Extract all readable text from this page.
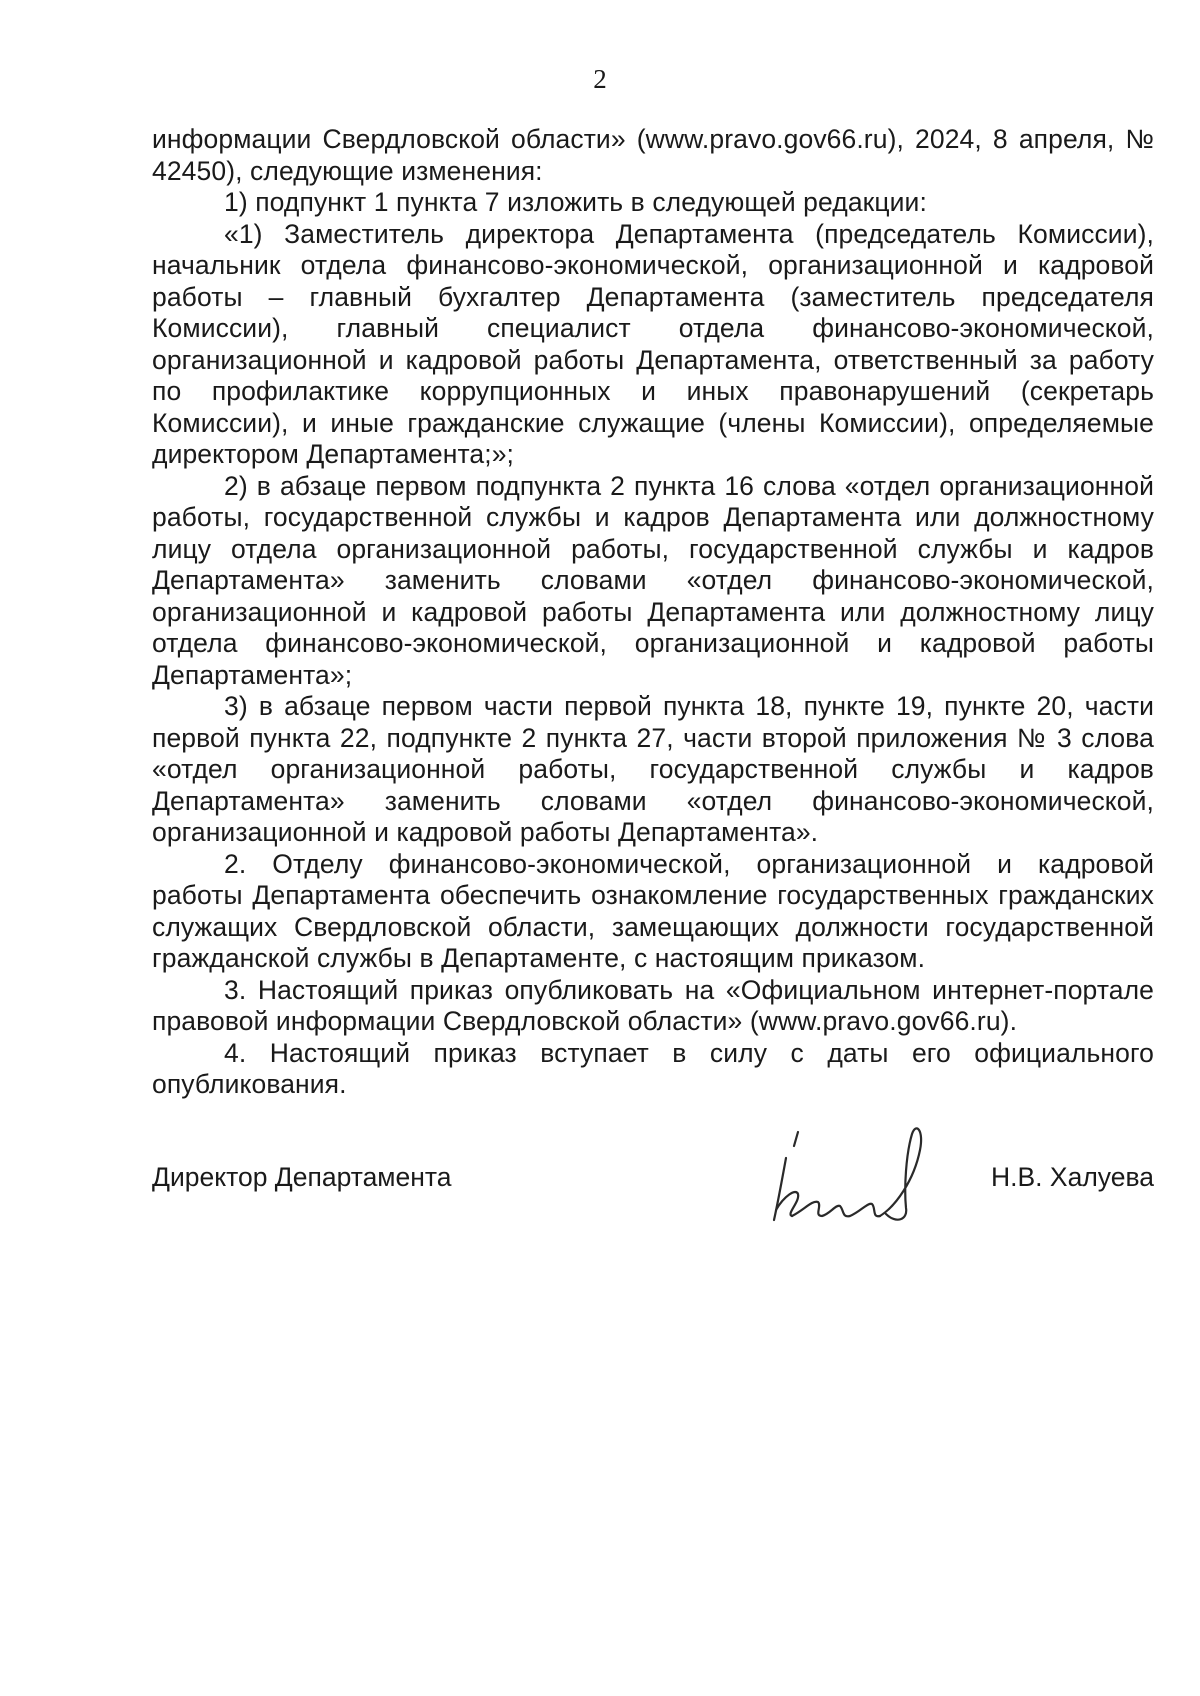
2

информации Свердловской области» (www.pravo.gov66.ru), 2024, 8 апреля, № 42450), следующие изменения:

1) подпункт 1 пункта 7 изложить в следующей редакции:

«1) Заместитель директора Департамента (председатель Комиссии), начальник отдела финансово-экономической, организационной и кадровой работы – главный бухгалтер Департамента (заместитель председателя Комиссии), главный специалист отдела финансово-экономической, организационной и кадровой работы Департамента, ответственный за работу по профилактике коррупционных и иных правонарушений (секретарь Комиссии), и иные гражданские служащие (члены Комиссии), определяемые директором Департамента;»;

2) в абзаце первом подпункта 2 пункта 16 слова «отдел организационной работы, государственной службы и кадров Департамента или должностному лицу отдела организационной работы, государственной службы и кадров Департамента» заменить словами «отдел финансово-экономической, организационной и кадровой работы Департамента или должностному лицу отдела финансово-экономической, организационной и кадровой работы Департамента»;

3) в абзаце первом части первой пункта 18, пункте 19, пункте 20, части первой пункта 22, подпункте 2 пункта 27, части второй приложения № 3 слова «отдел организационной работы, государственной службы и кадров Департамента» заменить словами «отдел финансово-экономической, организационной и кадровой работы Департамента».

2. Отделу финансово-экономической, организационной и кадровой работы Департамента обеспечить ознакомление государственных гражданских служащих Свердловской области, замещающих должности государственной гражданской службы в Департаменте, с настоящим приказом.

3. Настоящий приказ опубликовать на «Официальном интернет-портале правовой информации Свердловской области» (www.pravo.gov66.ru).

4. Настоящий приказ вступает в силу с даты его официального опубликования.

Директор Департамента	Н.В. Халуева
